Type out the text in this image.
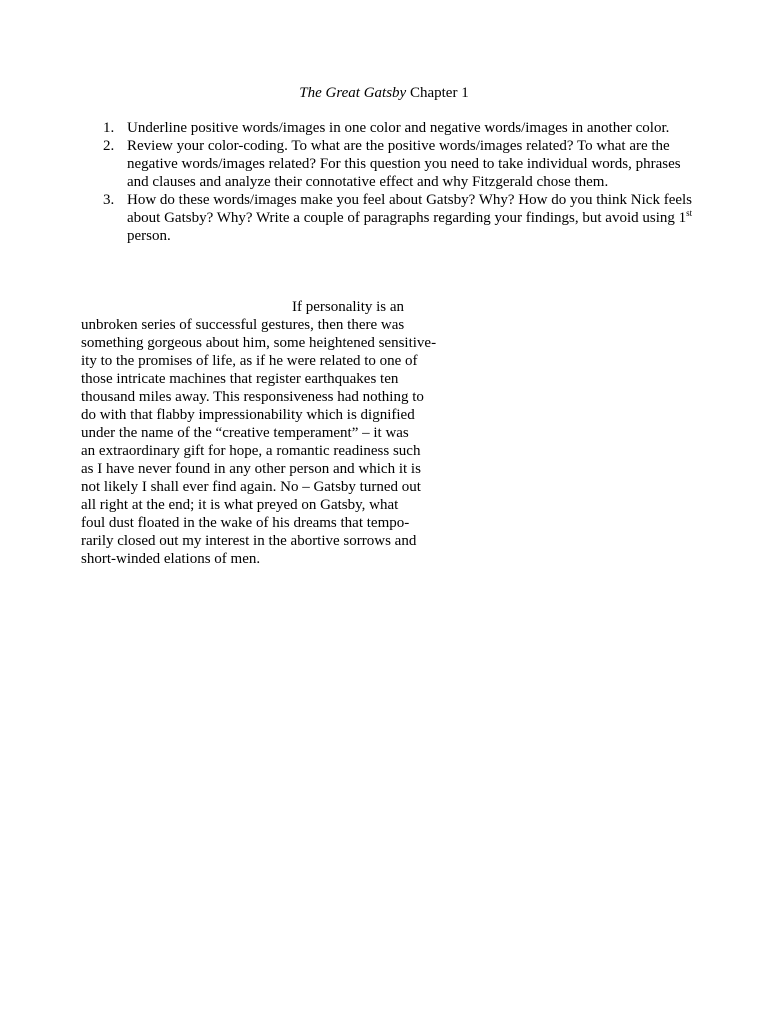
The Great Gatsby Chapter 1
1. Underline positive words/images in one color and negative words/images in another color.
2. Review your color-coding. To what are the positive words/images related? To what are the negative words/images related? For this question you need to take individual words, phrases and clauses and analyze their connotative effect and why Fitzgerald chose them.
3. How do these words/images make you feel about Gatsby? Why? How do you think Nick feels about Gatsby? Why? Write a couple of paragraphs regarding your findings, but avoid using 1st person.
If personality is an
unbroken series of successful gestures, then there was
something gorgeous about him, some heightened sensitive-
ity to the promises of life, as if he were related to one of
those intricate machines that register earthquakes ten
thousand miles away. This responsiveness had nothing to
do with that flabby impressionability which is dignified
under the name of the “creative temperament” – it was
an extraordinary gift for hope, a romantic readiness such
as I have never found in any other person and which it is
not likely I shall ever find again. No – Gatsby turned out
all right at the end; it is what preyed on Gatsby, what
foul dust floated in the wake of his dreams that tempo-
rarily closed out my interest in the abortive sorrows and
short-winded elations of men.
